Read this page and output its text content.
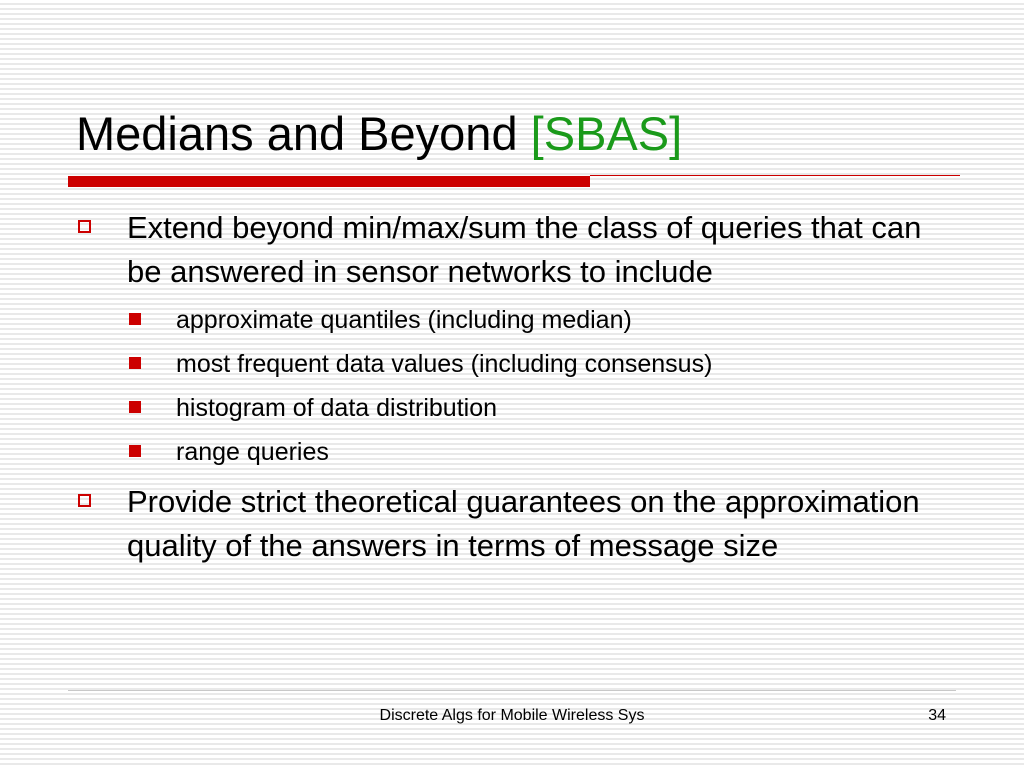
Medians and Beyond [SBAS]

Extend beyond min/max/sum the class of queries that can be answered in sensor networks to include

approximate quantiles (including median)
most frequent data values (including consensus)
histogram of data distribution
range queries

Provide strict theoretical guarantees on the approximation quality of the answers in terms of message size

Discrete Algs for Mobile Wireless Sys	34
